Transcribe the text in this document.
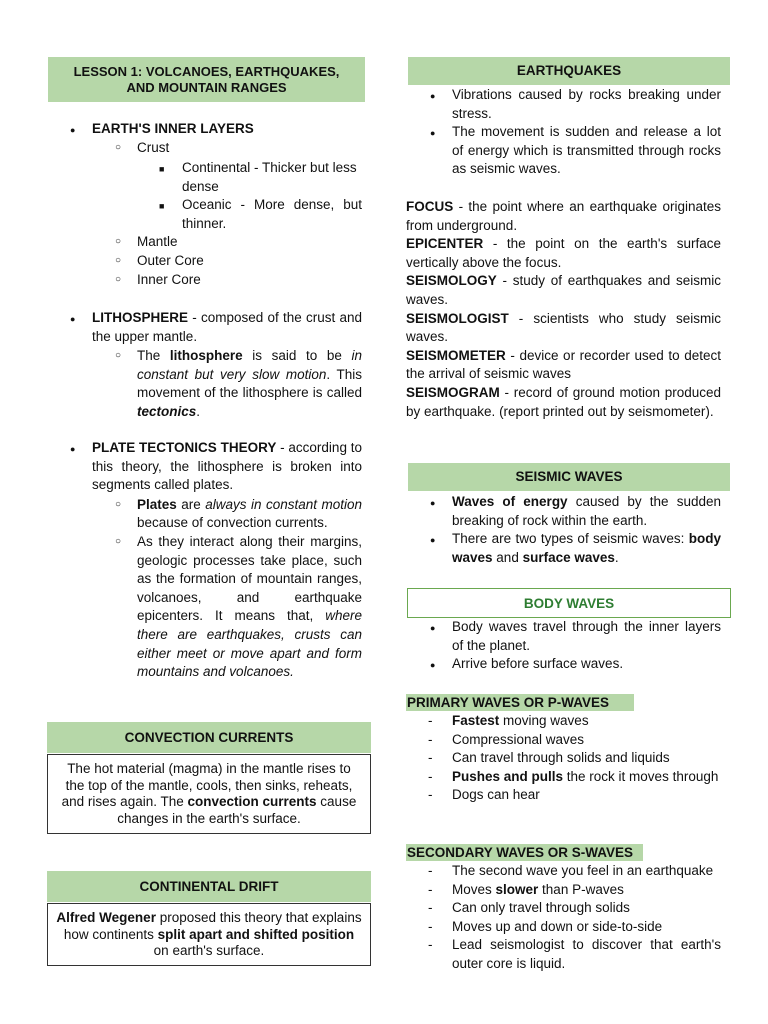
LESSON 1: VOLCANOES, EARTHQUAKES, AND MOUNTAIN RANGES
● EARTH'S INNER LAYERS
○ Crust
■ Continental - Thicker but less dense
■ Oceanic - More dense, but thinner.
○ Mantle
○ Outer Core
○ Inner Core
● LITHOSPHERE - composed of the crust and the upper mantle.
○ The lithosphere is said to be in constant but very slow motion. This movement of the lithosphere is called tectonics.
● PLATE TECTONICS THEORY - according to this theory, the lithosphere is broken into segments called plates.
○ Plates are always in constant motion because of convection currents.
○ As they interact along their margins, geologic processes take place, such as the formation of mountain ranges, volcanoes, and earthquake epicenters. It means that, where there are earthquakes, crusts can either meet or move apart and form mountains and volcanoes.
CONVECTION CURRENTS
The hot material (magma) in the mantle rises to the top of the mantle, cools, then sinks, reheats, and rises again. The convection currents cause changes in the earth's surface.
CONTINENTAL DRIFT
Alfred Wegener proposed this theory that explains how continents split apart and shifted position on earth's surface.
EARTHQUAKES
● Vibrations caused by rocks breaking under stress.
● The movement is sudden and release a lot of energy which is transmitted through rocks as seismic waves.
FOCUS - the point where an earthquake originates from underground.
EPICENTER - the point on the earth's surface vertically above the focus.
SEISMOLOGY - study of earthquakes and seismic waves.
SEISMOLOGIST - scientists who study seismic waves.
SEISMOMETER - device or recorder used to detect the arrival of seismic waves
SEISMOGRAM - record of ground motion produced by earthquake. (report printed out by seismometer).
SEISMIC WAVES
● Waves of energy caused by the sudden breaking of rock within the earth.
● There are two types of seismic waves: body waves and surface waves.
BODY WAVES
● Body waves travel through the inner layers of the planet.
● Arrive before surface waves.
PRIMARY WAVES OR P-WAVES
- Fastest moving waves
- Compressional waves
- Can travel through solids and liquids
- Pushes and pulls the rock it moves through
- Dogs can hear
SECONDARY WAVES OR S-WAVES
- The second wave you feel in an earthquake
- Moves slower than P-waves
- Can only travel through solids
- Moves up and down or side-to-side
- Lead seismologist to discover that earth's outer core is liquid.
